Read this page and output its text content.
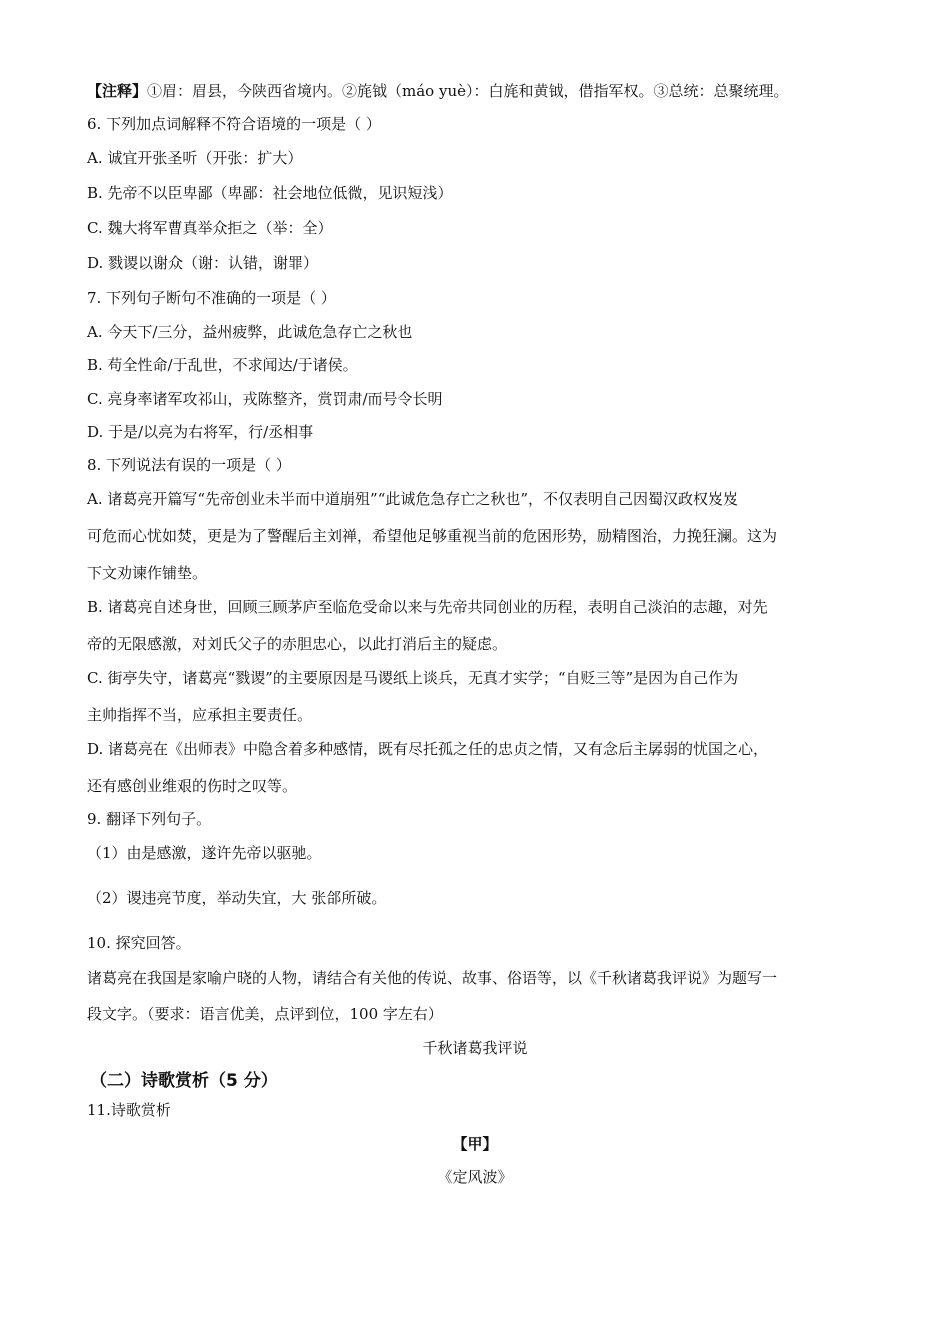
【注释】①眉：眉县，今陕西省境内。②旄钺（máo yuè）：白旄和黄钺，借指军权。③总统：总聚统理。
6. 下列加点词解释不符合语境的一项是（ ）
A. 诚宜开张圣听（开张：扩大）
B. 先帝不以臣卑鄙（卑鄙：社会地位低微，见识短浅）
C. 魏大将军曹真举众拒之（举：全）
D. 戮谡以谢众（谢：认错，谢罪）
7. 下列句子断句不准确的一项是（ ）
A. 今天下/三分，益州疲弊，此诚危急存亡之秋也
B. 苟全性命/于乱世，不求闻达/于诸侯。
C. 亮身率诸军攻祁山，戎陈整齐，赏罚肃/而号令长明
D. 于是/以亮为右将军，行/丞相事
8. 下列说法有误的一项是（ ）
A. 诸葛亮开篇写“先帝创业未半而中道崩殂”“此诚危急存亡之秋也”，不仅表明自己因蜀汉政权岌岌
可危而心忧如焚，更是为了警醒后主刘禅，希望他足够重视当前的危困形势，励精图治，力挽狂澜。这为
下文劝谏作铺垫。
B. 诸葛亮自述身世，回顾三顾茅庐至临危受命以来与先帝共同创业的历程，表明自己淡泊的志趣，对先
帝的无限感激，对刘氏父子的赤胆忠心，以此打消后主的疑虑。
C. 街亭失守，诸葛亮“戮谡”的主要原因是马谡纸上谈兵，无真才实学；“自贬三等”是因为自己作为
主帅指挥不当，应承担主要责任。
D. 诸葛亮在《出师表》中隐含着多种感情，既有尽托孤之任的忠贞之情，又有念后主孱弱的忧国之心，
还有感创业维艰的伤时之叹等。
9. 翻译下列句子。
（1）由是感激，遂许先帝以驱驰。
（2）谡违亮节度，举动失宜，大 张郃所破。
10. 探究回答。
诸葛亮在我国是家喻户晓的人物，请结合有关他的传说、故事、俗语等，以《千秋诸葛我评说》为题写一
段文字。（要求：语言优美，点评到位，100 字左右）
千秋诸葛我评说
（二）诗歌赏析（5 分）
11.诗歌赏析
【甲】
《定风波》
